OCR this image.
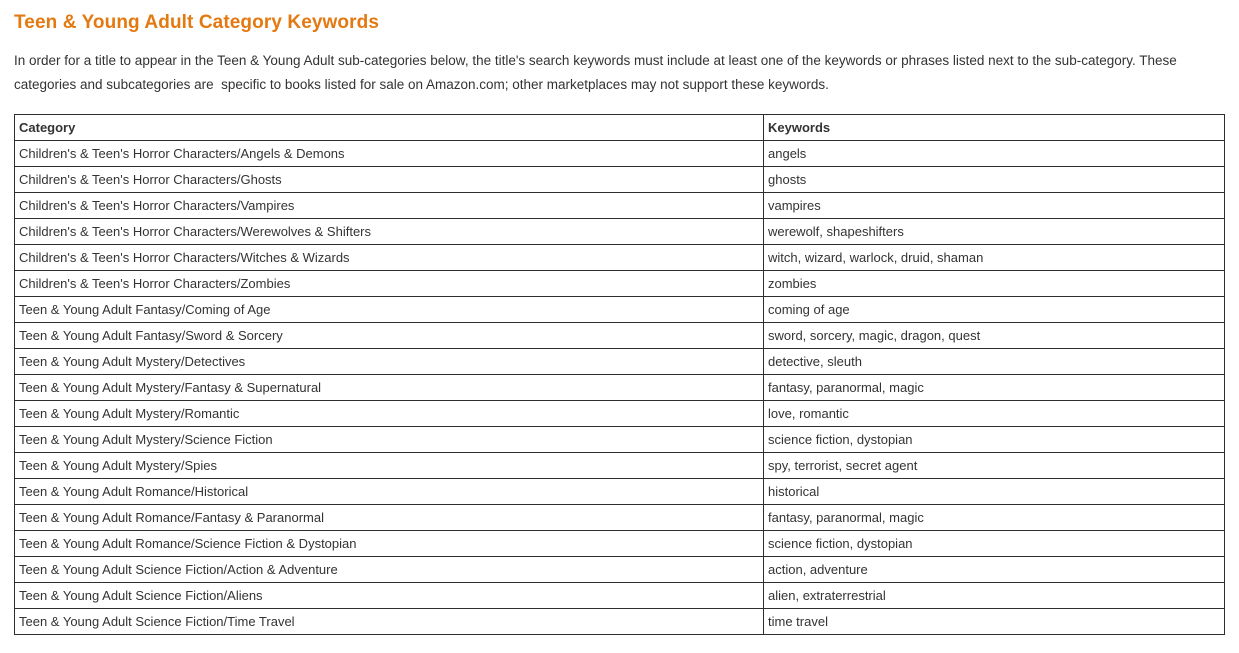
Teen & Young Adult Category Keywords

In order for a title to appear in the Teen & Young Adult sub-categories below, the title's search keywords must include at least one of the keywords or phrases listed next to the sub-category. These categories and subcategories are  specific to books listed for sale on Amazon.com; other marketplaces may not support these keywords.

Category	Keywords
Children's & Teen's Horror Characters/Angels & Demons	angels
Children's & Teen's Horror Characters/Ghosts	ghosts
Children's & Teen's Horror Characters/Vampires	vampires
Children's & Teen's Horror Characters/Werewolves & Shifters	werewolf, shapeshifters
Children's & Teen's Horror Characters/Witches & Wizards	witch, wizard, warlock, druid, shaman
Children's & Teen's Horror Characters/Zombies	zombies
Teen & Young Adult Fantasy/Coming of Age	coming of age
Teen & Young Adult Fantasy/Sword & Sorcery	sword, sorcery, magic, dragon, quest
Teen & Young Adult Mystery/Detectives	detective, sleuth
Teen & Young Adult Mystery/Fantasy & Supernatural	fantasy, paranormal, magic
Teen & Young Adult Mystery/Romantic	love, romantic
Teen & Young Adult Mystery/Science Fiction	science fiction, dystopian
Teen & Young Adult Mystery/Spies	spy, terrorist, secret agent
Teen & Young Adult Romance/Historical	historical
Teen & Young Adult Romance/Fantasy & Paranormal	fantasy, paranormal, magic
Teen & Young Adult Romance/Science Fiction & Dystopian	science fiction, dystopian
Teen & Young Adult Science Fiction/Action & Adventure	action, adventure
Teen & Young Adult Science Fiction/Aliens	alien, extraterrestrial
Teen & Young Adult Science Fiction/Time Travel	time travel
